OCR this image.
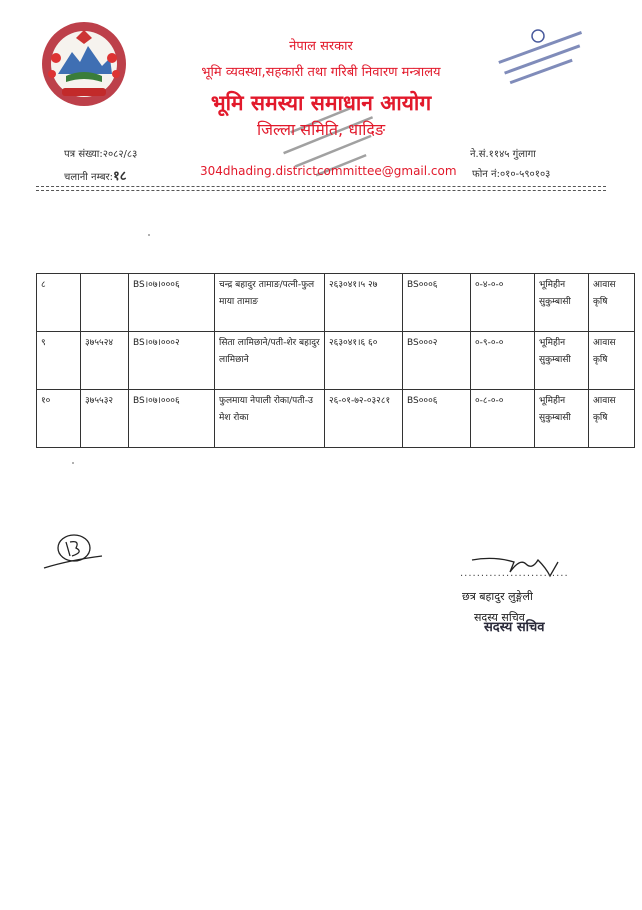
नेपाल सरकार
भूमि व्यवस्था,सहकारी तथा गरिबी निवारण मन्त्रालय
भूमि समस्या समाधान आयोग
जिल्ला समिति, धादिङ
पत्र संख्या:२०८२/८३
चलानी नम्बर:१८	304dhading.districtcommittee@gmail.com
ने.सं.११४५ गुंलागा
फोन नं:०१०-५९०१०३
८		BS।०७।०००६	चन्द्र बहादुर तामाङ/पत्नी-फुलमाया तामाङ	२६३०४१।५ २७	BS०००६	०-४-०-०	भूमिहीन सुकुम्बासी	आवास कृषि
९	३७५५२४	BS।०७।०००२	सिता लामिछाने/पती-शेर बहादुर लामिछाने	२६३०४१।६ ६०	BS०००२	०-९-०-०	भूमिहीन सुकुम्बासी	आवास कृषि
१०	३७५५३२	BS।०७।०००६	फुलमाया नेपाली रोका/पती-उमेश रोका	२६-०१-७२-०३२८१	BS०००६	०-८-०-०	भूमिहीन सुकुम्बासी	आवास कृषि
..........................
छत्र बहादुर लुङ्गेली
सदस्य सचिव
सदस्य सचिव
